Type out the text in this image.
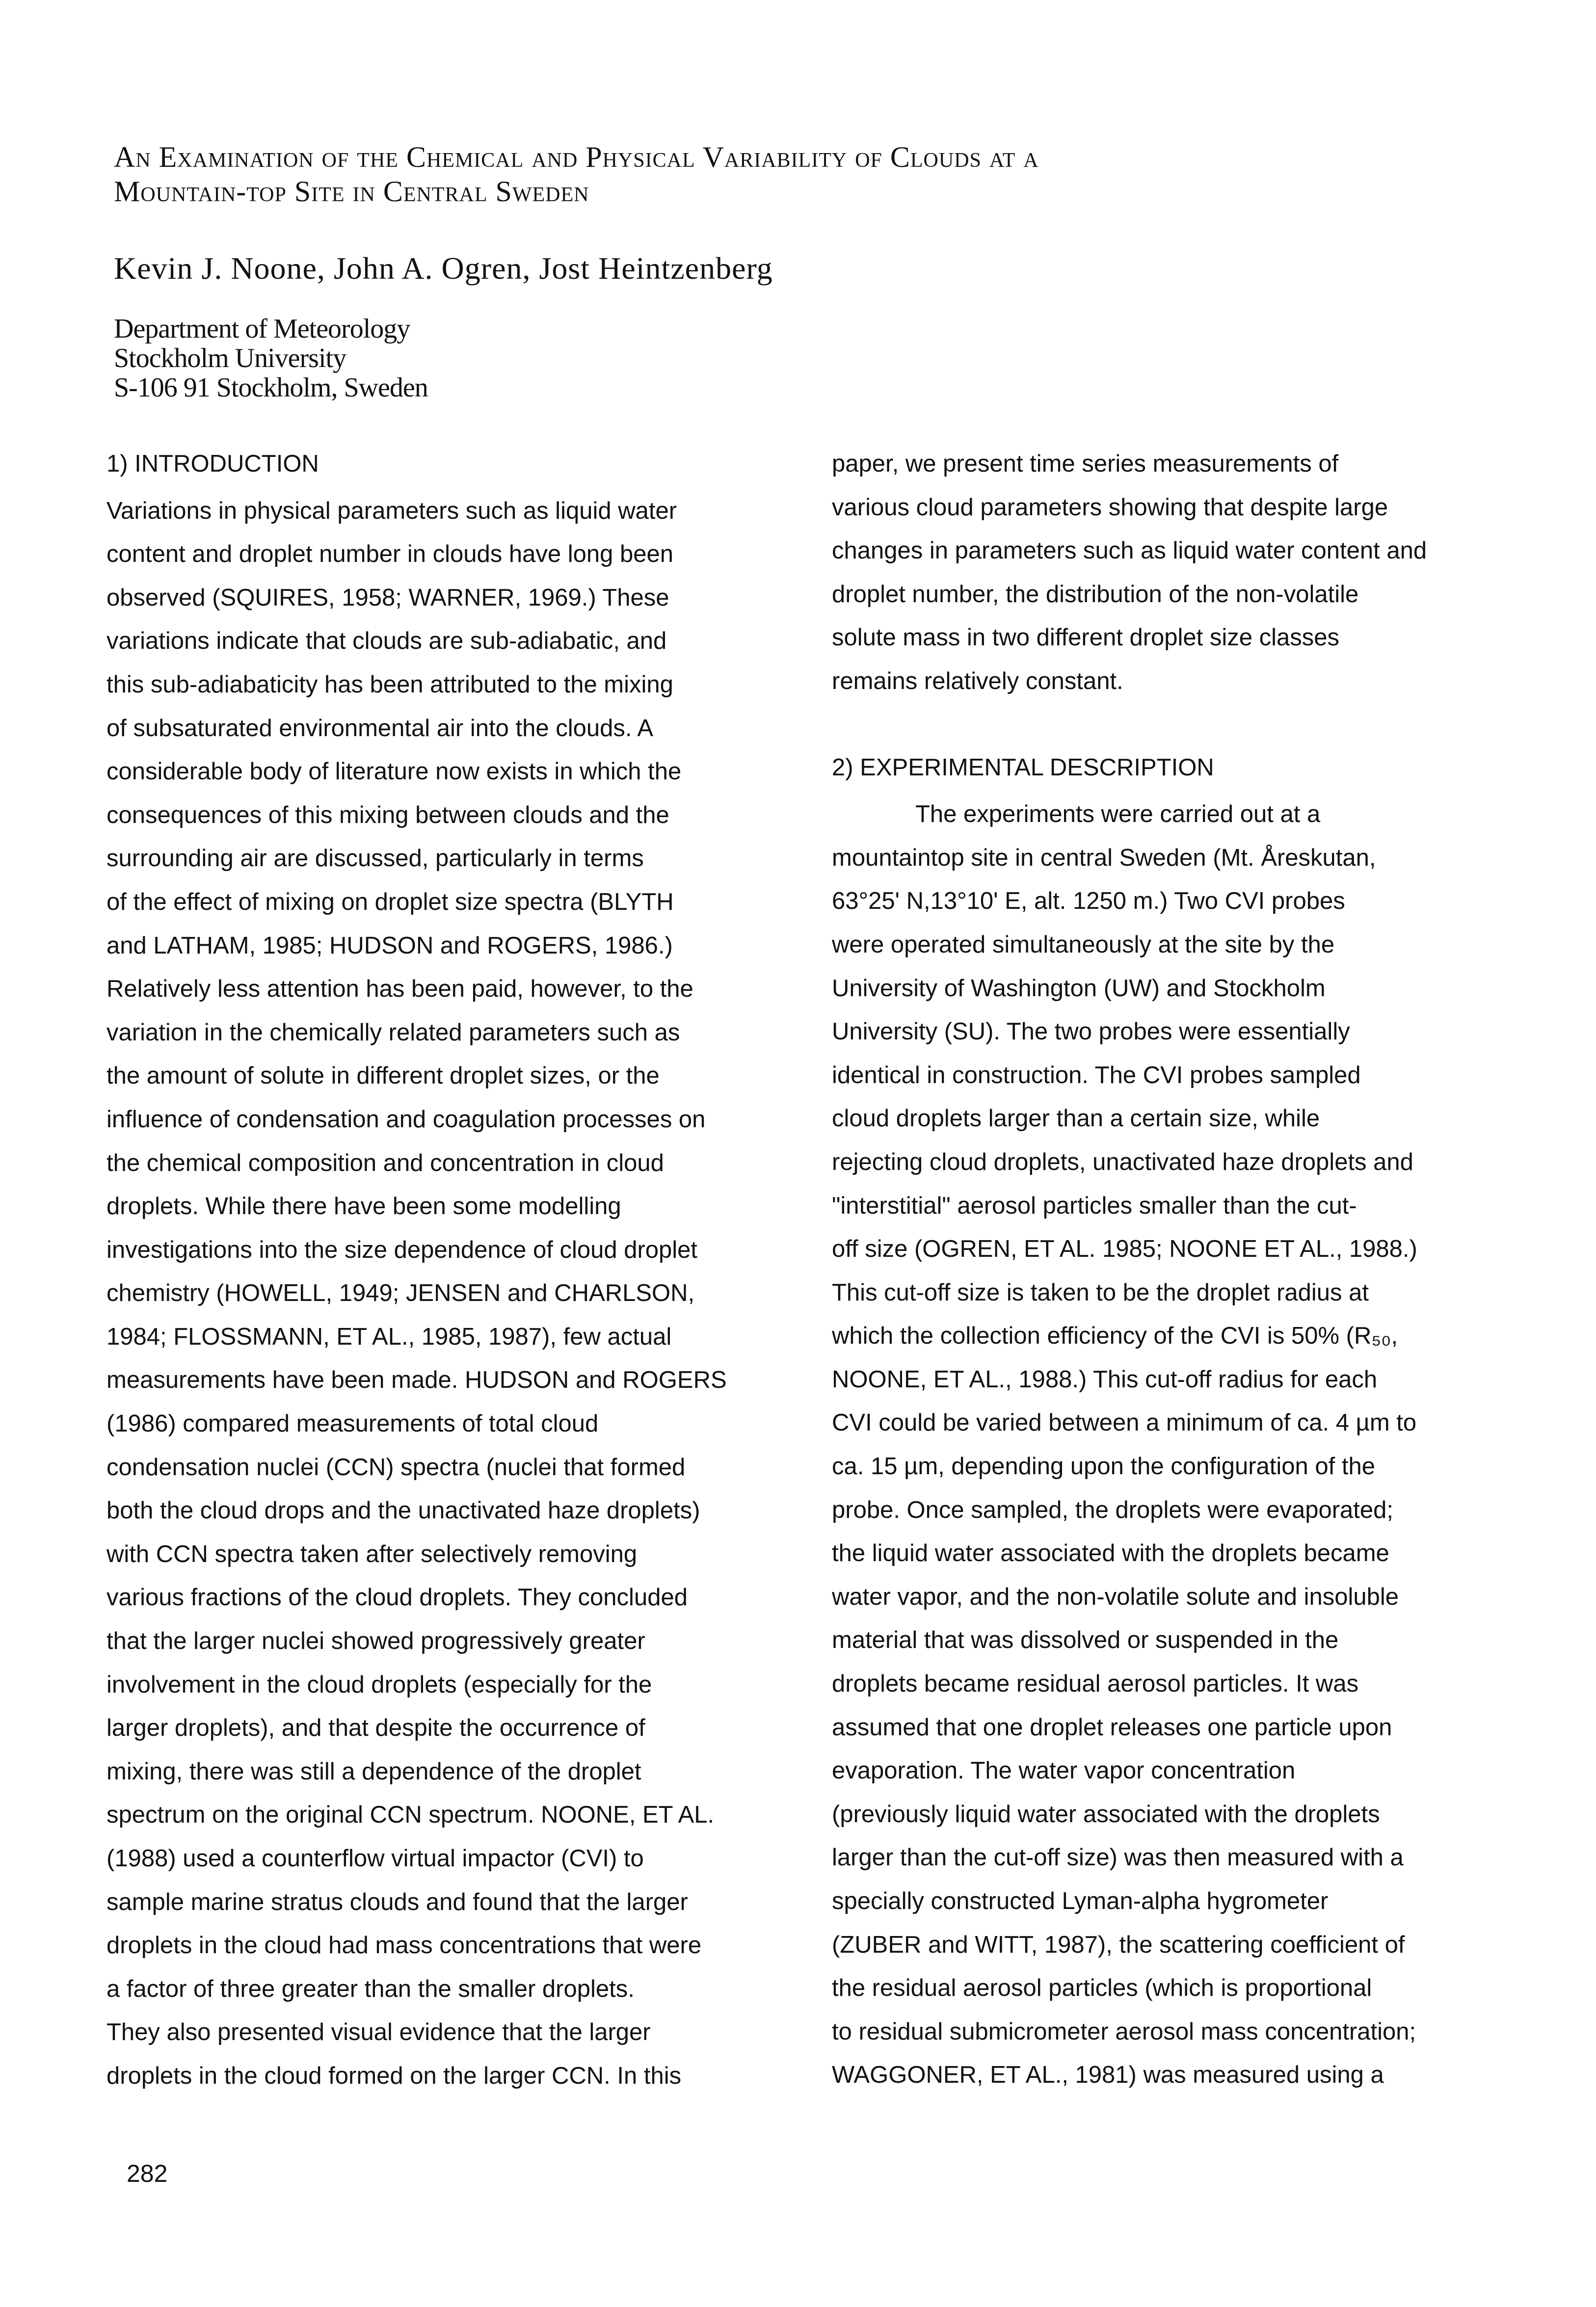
An Examination of the Chemical and Physical Variability of Clouds at a
Mountain-top Site in Central Sweden
Kevin J. Noone, John A. Ogren, Jost Heintzenberg
Department of Meteorology
Stockholm University
S-106 91 Stockholm, Sweden
1) INTRODUCTION
Variations in physical parameters such as liquid water
content and droplet number in clouds have long been
observed (SQUIRES, 1958; WARNER, 1969.) These
variations indicate that clouds are sub-adiabatic, and
this sub-adiabaticity has been attributed to the mixing
of subsaturated environmental air into the clouds. A
considerable body of literature now exists in which the
consequences of this mixing between clouds and the
surrounding air are discussed, particularly in terms
of the effect of mixing on droplet size spectra (BLYTH
and LATHAM, 1985; HUDSON and ROGERS, 1986.)
Relatively less attention has been paid, however, to the
variation in the chemically related parameters such as
the amount of solute in different droplet sizes, or the
influence of condensation and coagulation processes on
the chemical composition and concentration in cloud
droplets. While there have been some modelling
investigations into the size dependence of cloud droplet
chemistry (HOWELL, 1949; JENSEN and CHARLSON,
1984; FLOSSMANN, ET AL., 1985, 1987), few actual
measurements have been made. HUDSON and ROGERS
(1986) compared measurements of total cloud
condensation nuclei (CCN) spectra (nuclei that formed
both the cloud drops and the unactivated haze droplets)
with CCN spectra taken after selectively removing
various fractions of the cloud droplets. They concluded
that the larger nuclei showed progressively greater
involvement in the cloud droplets (especially for the
larger droplets), and that despite the occurrence of
mixing, there was still a dependence of the droplet
spectrum on the original CCN spectrum. NOONE, ET AL.
(1988) used a counterflow virtual impactor (CVI) to
sample marine stratus clouds and found that the larger
droplets in the cloud had mass concentrations that were
a factor of three greater than the smaller droplets.
They also presented visual evidence that the larger
droplets in the cloud formed on the larger CCN. In this
paper, we present time series measurements of
various cloud parameters showing that despite large
changes in parameters such as liquid water content and
droplet number, the distribution of the non-volatile
solute mass in two different droplet size classes
remains relatively constant.
2) EXPERIMENTAL DESCRIPTION
The experiments were carried out at a
mountaintop site in central Sweden (Mt. Åreskutan,
63°25' N,13°10' E, alt. 1250 m.) Two CVI probes
were operated simultaneously at the site by the
University of Washington (UW) and Stockholm
University (SU). The two probes were essentially
identical in construction. The CVI probes sampled
cloud droplets larger than a certain size, while
rejecting cloud droplets, unactivated haze droplets and
"interstitial" aerosol particles smaller than the cut-
off size (OGREN, ET AL. 1985; NOONE ET AL., 1988.)
This cut-off size is taken to be the droplet radius at
which the collection efficiency of the CVI is 50% (R₅₀,
NOONE, ET AL., 1988.) This cut-off radius for each
CVI could be varied between a minimum of ca. 4 µm to
ca. 15 µm, depending upon the configuration of the
probe. Once sampled, the droplets were evaporated;
the liquid water associated with the droplets became
water vapor, and the non-volatile solute and insoluble
material that was dissolved or suspended in the
droplets became residual aerosol particles. It was
assumed that one droplet releases one particle upon
evaporation. The water vapor concentration
(previously liquid water associated with the droplets
larger than the cut-off size) was then measured with a
specially constructed Lyman-alpha hygrometer
(ZUBER and WITT, 1987), the scattering coefficient of
the residual aerosol particles (which is proportional
to residual submicrometer aerosol mass concentration;
WAGGONER, ET AL., 1981) was measured using a
282
